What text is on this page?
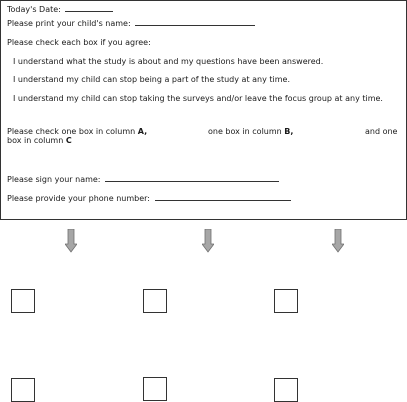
Today's Date:
Please print your child's name:
Please check each box if you agree:
I understand what the study is about and my questions have been answered.
I understand my child can stop being a part of the study at any time.
I understand my child can stop taking the surveys and/or leave the focus group at any time.
Please check one box in column A,	one box in column B,	and one
box in column C
Please sign your name:
Please provide your phone number:
